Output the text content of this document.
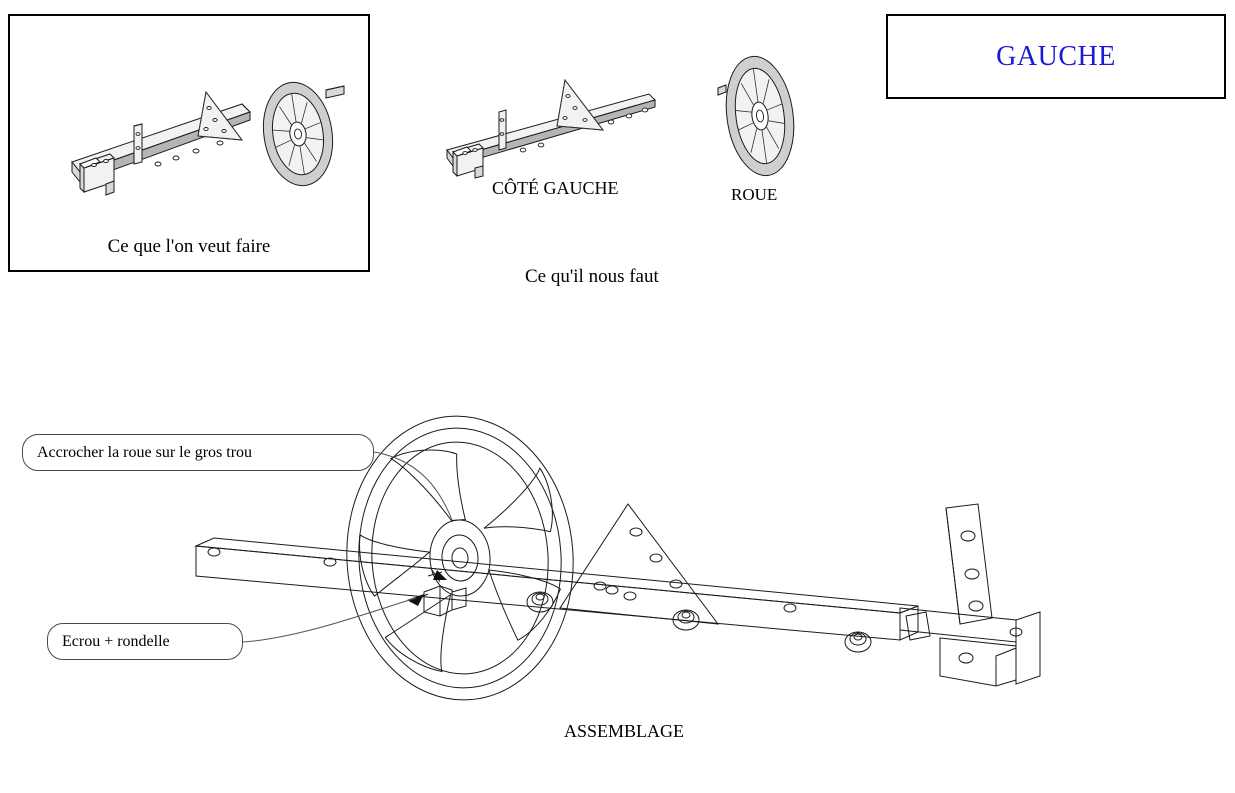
Ce que l'on veut faire
GAUCHE
CÔTÉ GAUCHE	ROUE
Ce qu'il nous faut
Accrocher la roue sur le gros trou
Ecrou + rondelle
ASSEMBLAGE
